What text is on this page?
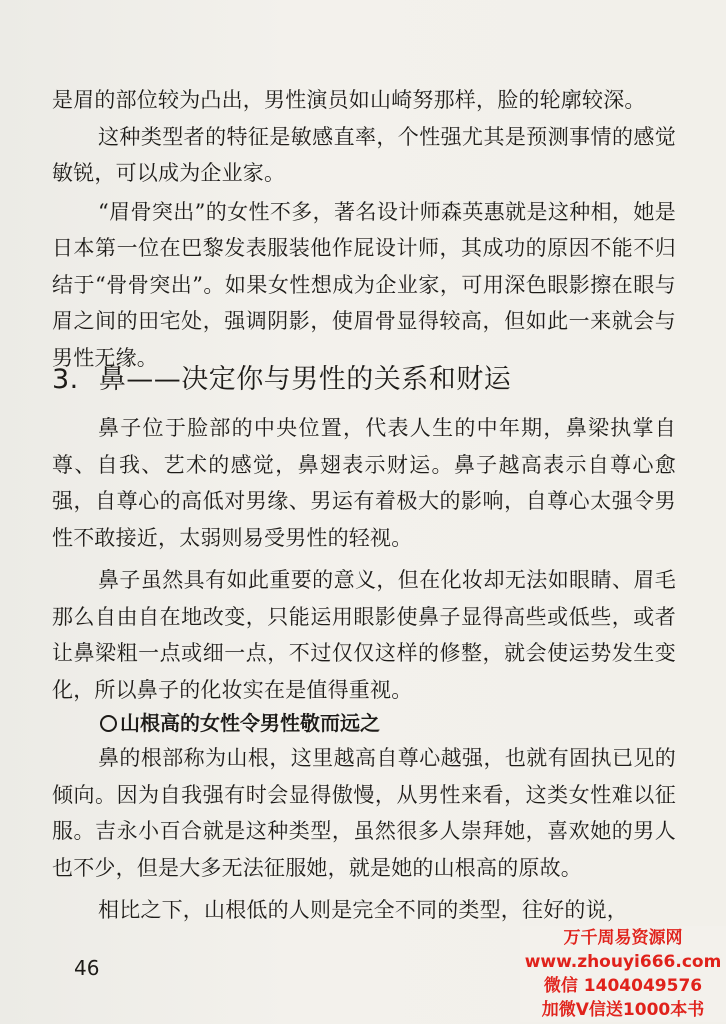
是眉的部位较为凸出，男性演员如山崎努那样，脸的轮廓较深。

这种类型者的特征是敏感直率，个性强尤其是预测事情的感觉敏锐，可以成为企业家。

“眉骨突出”的女性不多，著名设计师森英惠就是这种相，她是日本第一位在巴黎发表服装他作屁设计师，其成功的原因不能不归结于“骨骨突出”。如果女性想成为企业家，可用深色眼影擦在眼与眉之间的田宅处，强调阴影，使眉骨显得较高，但如此一来就会与男性无缘。

3. 鼻——决定你与男性的关系和财运

鼻子位于脸部的中央位置，代表人生的中年期，鼻梁执掌自尊、自我、艺术的感觉，鼻翅表示财运。鼻子越高表示自尊心愈强，自尊心的高低对男缘、男运有着极大的影响，自尊心太强令男性不敢接近，太弱则易受男性的轻视。

鼻子虽然具有如此重要的意义，但在化妆却无法如眼睛、眉毛那么自由自在地改变，只能运用眼影使鼻子显得高些或低些，或者让鼻梁粗一点或细一点，不过仅仅这样的修整，就会使运势发生变化，所以鼻子的化妆实在是值得重视。

山根高的女性令男性敬而远之

鼻的根部称为山根，这里越高自尊心越强，也就有固执已见的倾向。因为自我强有时会显得傲慢，从男性来看，这类女性难以征服。吉永小百合就是这种类型，虽然很多人崇拜她，喜欢她的男人也不少，但是大多无法征服她，就是她的山根高的原故。

相比之下，山根低的人则是完全不同的类型，往好的说，

46
万千周易资源网
www.zhouyi666.com
微信 1404049576
加微V信送1000本书
